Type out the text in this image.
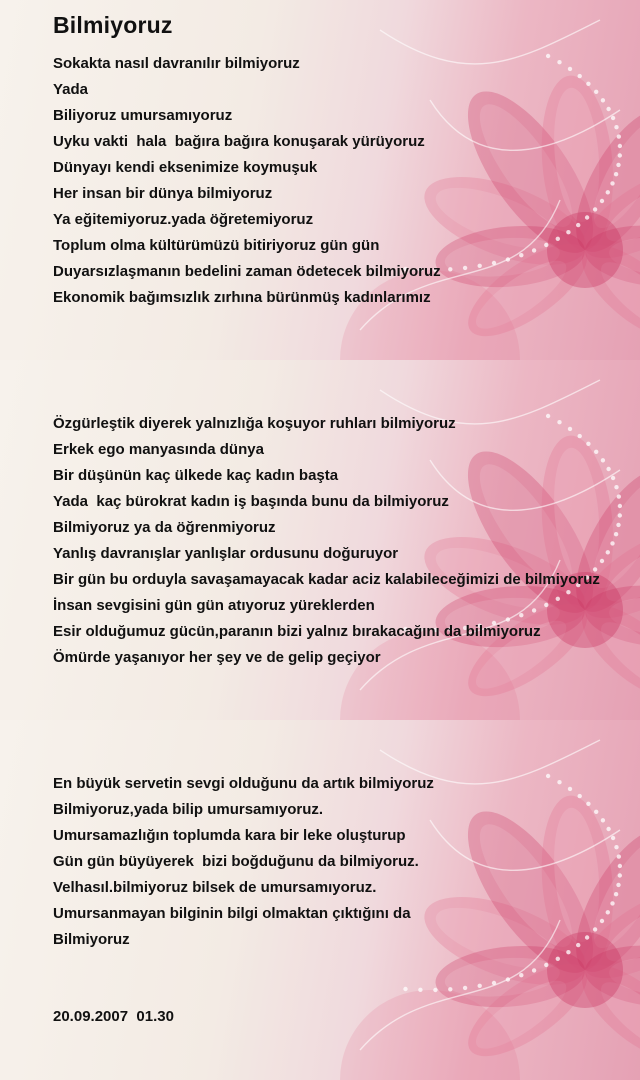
Bilmiyoruz
Sokakta nasıl davranılır bilmiyoruz
Yada
Biliyoruz umursamıyoruz
Uyku vakti  hala  bağıra bağıra konuşarak yürüyoruz
Dünyayı kendi eksenimize koymuşuk
Her insan bir dünya bilmiyoruz
Ya eğitemiyoruz.yada öğretemiyoruz
Toplum olma kültürümüzü bitiriyoruz gün gün
Duyarsızlaşmanın bedelini zaman ödetecek bilmiyoruz
Ekonomik bağımsızlık zırhına bürünmüş kadınlarımız
Özgürleştik diyerek yalnızlığa koşuyor ruhları bilmiyoruz
Erkek ego manyasında dünya
Bir düşünün kaç ülkede kaç kadın başta
Yada  kaç bürokrat kadın iş başında bunu da bilmiyoruz
Bilmiyoruz ya da öğrenmiyoruz
Yanlış davranışlar yanlışlar ordusunu doğuruyor
Bir gün bu orduyla savaşamayacak kadar aciz kalabileceğimizi de bilmiyoruz
İnsan sevgisini gün gün atıyoruz yüreklerden
Esir olduğumuz gücün,paranın bizi yalnız bırakacağını da bilmiyoruz
Ömürde yaşanıyor her şey ve de gelip geçiyor
En büyük servetin sevgi olduğunu da artık bilmiyoruz
Bilmiyoruz,yada bilip umursamıyoruz.
Umursamazlığın toplumda kara bir leke oluşturup
Gün gün büyüyerek  bizi boğduğunu da bilmiyoruz.
Velhasıl.bilmiyoruz bilsek de umursamıyoruz.
Umursanmayan bilginin bilgi olmaktan çıktığını da
Bilmiyoruz
20.09.2007  01.30
